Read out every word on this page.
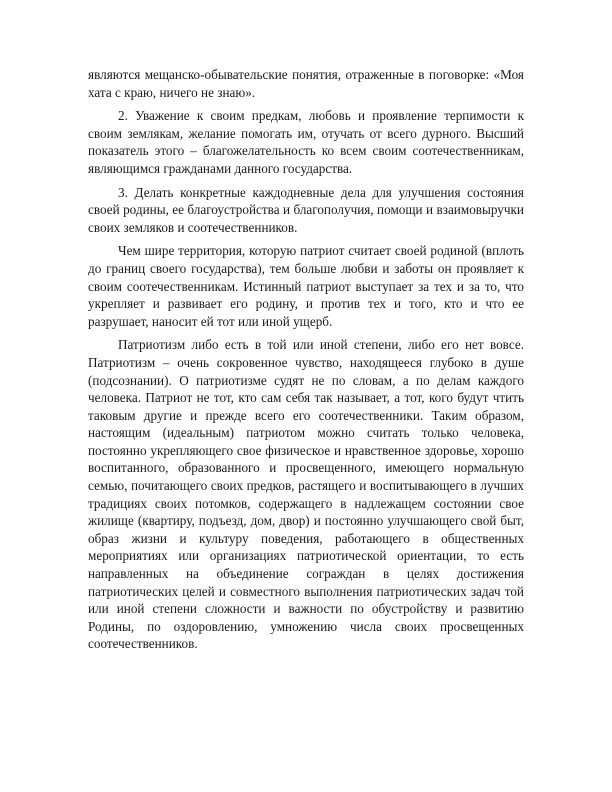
являются мещанско-обывательские понятия, отраженные в поговорке: «Моя хата с краю, ничего не знаю».

2. Уважение к своим предкам, любовь и проявление терпимости к своим землякам, желание помогать им, отучать от всего дурного. Высший показатель этого – благожелательность ко всем своим соотечественникам, являющимся гражданами данного государства.

3. Делать конкретные каждодневные дела для улучшения состояния своей родины, ее благоустройства и благополучия, помощи и взаимовыручки своих земляков и соотечественников.

Чем шире территория, которую патриот считает своей родиной (вплоть до границ своего государства), тем больше любви и заботы он проявляет к своим соотечественникам. Истинный патриот выступает за тех и за то, что укрепляет и развивает его родину, и против тех и того, кто и что ее разрушает, наносит ей тот или иной ущерб.

Патриотизм либо есть в той или иной степени, либо его нет вовсе. Патриотизм – очень сокровенное чувство, находящееся глубоко в душе (подсознании). О патриотизме судят не по словам, а по делам каждого человека. Патриот не тот, кто сам себя так называет, а тот, кого будут чтить таковым другие и прежде всего его соотечественники. Таким образом, настоящим (идеальным) патриотом можно считать только человека, постоянно укрепляющего свое физическое и нравственное здоровье, хорошо воспитанного, образованного и просвещенного, имеющего нормальную семью, почитающего своих предков, растящего и воспитывающего в лучших традициях своих потомков, содержащего в надлежащем состоянии свое жилище (квартиру, подъезд, дом, двор) и постоянно улучшающего свой быт, образ жизни и культуру поведения, работающего в общественных мероприятиях или организациях патриотической ориентации, то есть направленных на объединение сограждан в целях достижения патриотических целей и совместного выполнения патриотических задач той или иной степени сложности и важности по обустройству и развитию Родины, по оздоровлению, умножению числа своих просвещенных соотечественников.
